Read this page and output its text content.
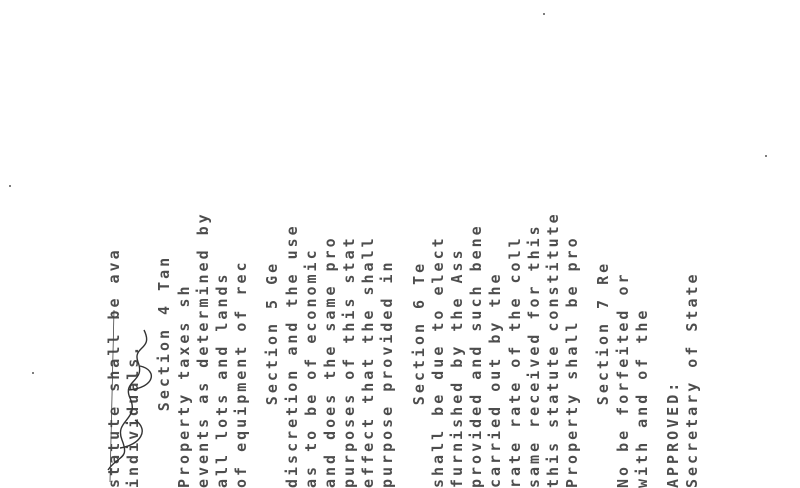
statute shall be ava individuals.
Section 4 Tan Property taxes sh events as determined by all lots and lands of equipment of rec Section 5 Ge discretion and the use as to be of economic and does the same pro purposes of this stat effect that the shall purpose provided in Section 6 Te shall be due to elect furnished by the Ass provided and such bene carried out by the rate rate of the coll same received for this this statute constitute Property shall be pro Section 7 Re No be forfeited or with and of the APPROVED: Secretary of State
